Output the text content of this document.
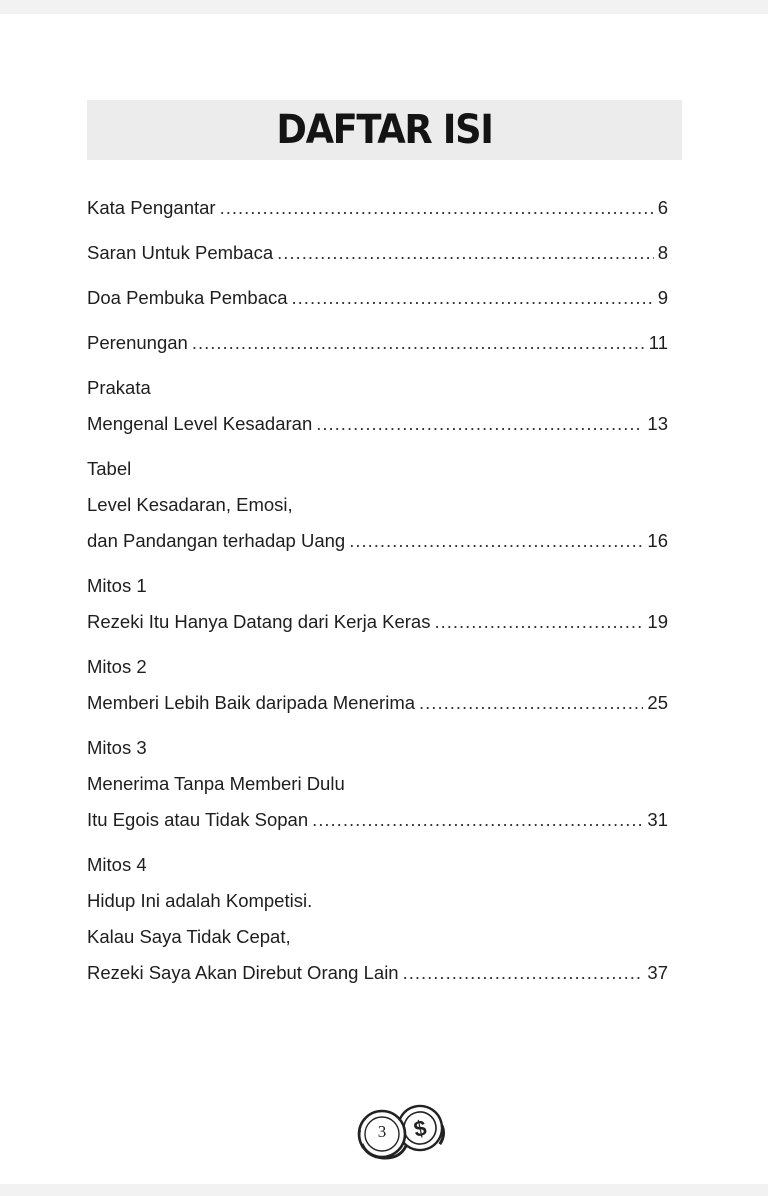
DAFTAR ISI
Kata Pengantar .....	6
Saran Untuk Pembaca .....	8
Doa Pembuka Pembaca .....	9
Perenungan .....	11
Prakata
Mengenal Level Kesadaran .....	13
Tabel
Level Kesadaran, Emosi,
dan Pandangan terhadap Uang .....	16
Mitos 1
Rezeki Itu Hanya Datang dari Kerja Keras .....	19
Mitos 2
Memberi Lebih Baik daripada Menerima .....	25
Mitos 3
Menerima Tanpa Memberi Dulu
Itu Egois atau Tidak Sopan .....	31
Mitos 4
Hidup Ini adalah Kompetisi.
Kalau Saya Tidak Cepat,
Rezeki Saya Akan Direbut Orang Lain .....	37
$
3
